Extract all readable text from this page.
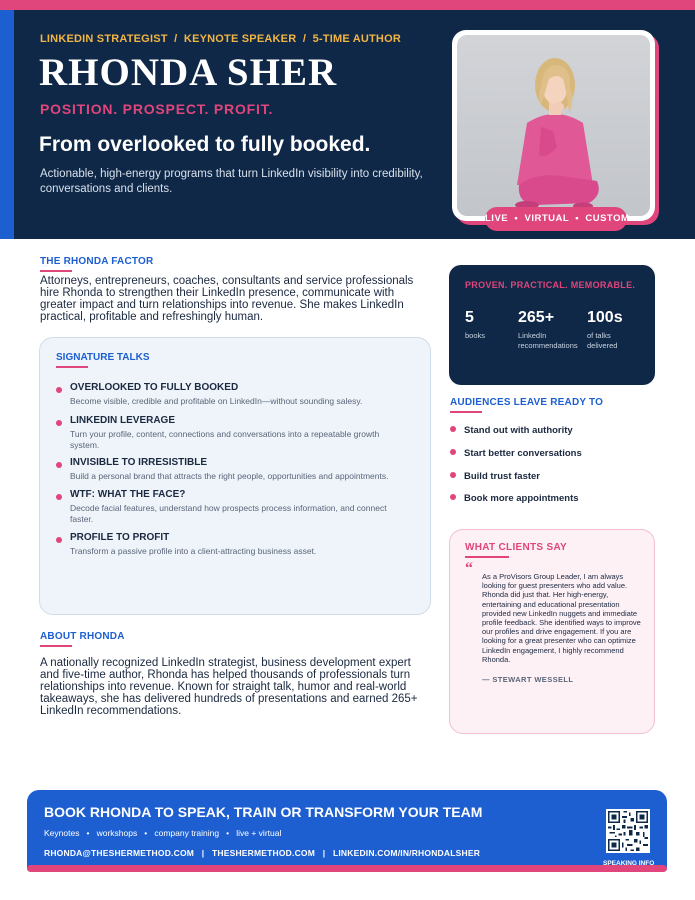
LINKEDIN STRATEGIST  /  KEYNOTE SPEAKER  /  5-TIME AUTHOR
RHONDA SHER
POSITION. PROSPECT. PROFIT.
From overlooked to fully booked.
Actionable, high-energy programs that turn LinkedIn visibility into credibility, conversations and clients.
LIVE  •  VIRTUAL  •  CUSTOM
THE RHONDA FACTOR
Attorneys, entrepreneurs, coaches, consultants and service professionals hire Rhonda to strengthen their LinkedIn presence, communicate with greater impact and turn relationships into revenue. She makes LinkedIn practical, profitable and refreshingly human.
SIGNATURE TALKS
OVERLOOKED TO FULLY BOOKED
Become visible, credible and profitable on LinkedIn—without sounding salesy.
LINKEDIN LEVERAGE
Turn your profile, content, connections and conversations into a repeatable growth system.
INVISIBLE TO IRRESISTIBLE
Build a personal brand that attracts the right people, opportunities and appointments.
WTF: WHAT THE FACE?
Decode facial features, understand how prospects process information, and connect faster.
PROFILE TO PROFIT
Transform a passive profile into a client-attracting business asset.
ABOUT RHONDA
A nationally recognized LinkedIn strategist, business development expert and five-time author, Rhonda has helped thousands of professionals turn relationships into revenue. Known for straight talk, humor and real-world takeaways, she has delivered hundreds of presentations and earned 265+ LinkedIn recommendations.
PROVEN. PRACTICAL. MEMORABLE.
5
books
265+
LinkedIn recommendations
100s
of talks delivered
AUDIENCES LEAVE READY TO
Stand out with authority
Start better conversations
Build trust faster
Book more appointments
WHAT CLIENTS SAY
“ As a ProVisors Group Leader, I am always looking for guest presenters who add value. Rhonda did just that. Her high-energy, entertaining and educational presentation provided new LinkedIn nuggets and immediate profile feedback. She identified ways to improve our profiles and drive engagement. If you are looking for a great presenter who can optimize LinkedIn engagement, I highly recommend Rhonda.
— STEWART WESSELL
BOOK RHONDA TO SPEAK, TRAIN OR TRANSFORM YOUR TEAM
Keynotes   •   workshops   •   company training   •   live + virtual
RHONDA@THESHERMETHOD.COM   |   THESHERMETHOD.COM   |   LINKEDIN.COM/IN/RHONDALSHER
SPEAKING INFO
